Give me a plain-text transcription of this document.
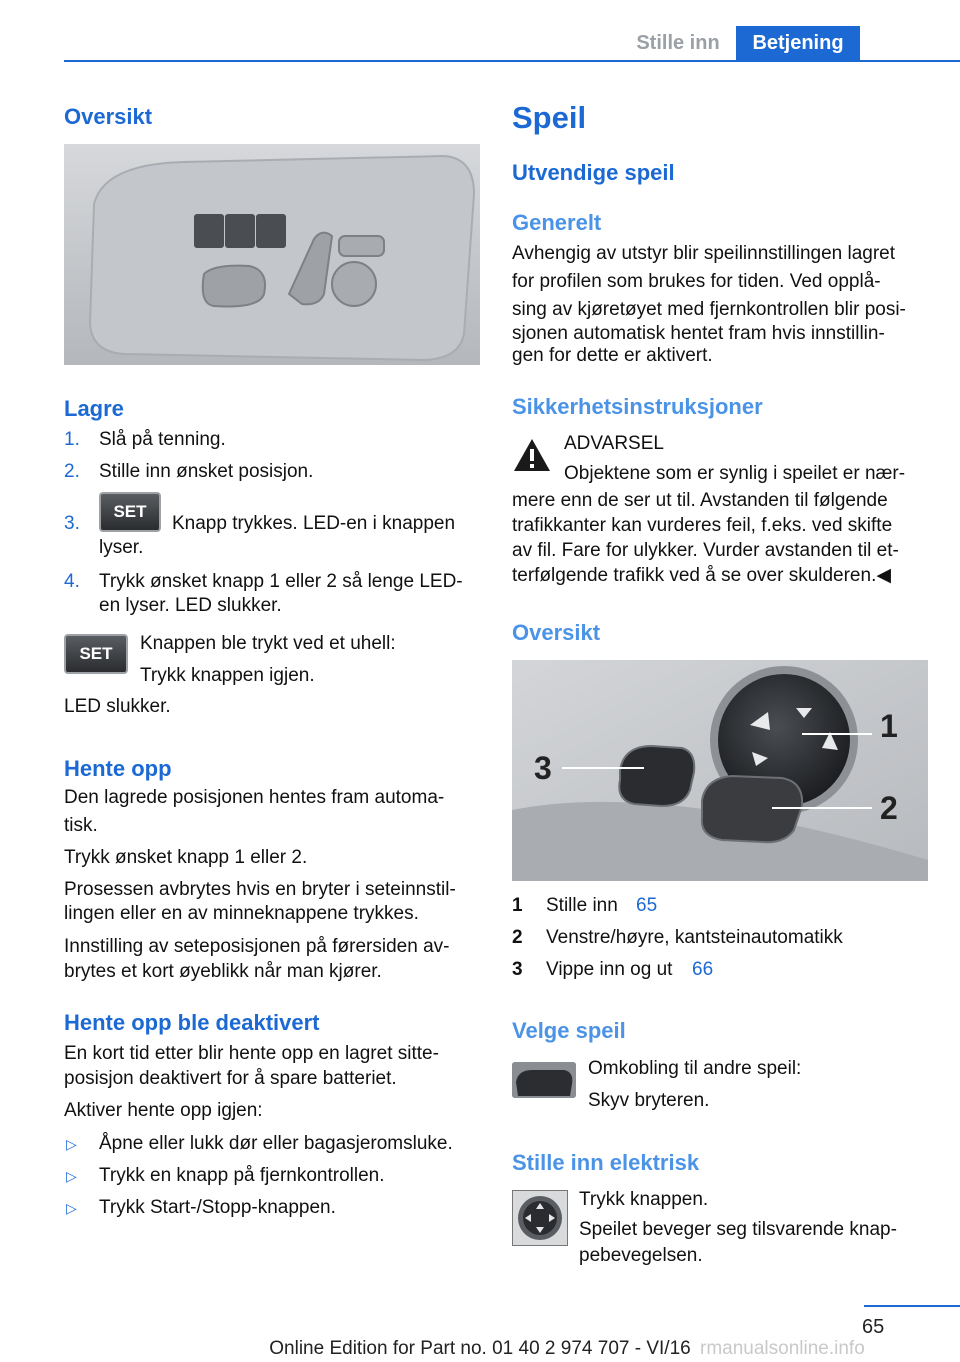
Stille inn	Betjening
Oversikt
Lagre
1. Slå på tenning.
2. Stille inn ønsket posisjon.
3.
SET
Knapp trykkes. LED-en i knappen
lyser.
4. Trykk ønsket knapp 1 eller 2 så lenge LED-
en lyser. LED slukker.
SET	Knappen ble trykt ved et uhell:
Trykk knappen igjen.
LED slukker.
Hente opp
Den lagrede posisjonen hentes fram automa-
tisk.
Trykk ønsket knapp 1 eller 2.
Prosessen avbrytes hvis en bryter i seteinnstil-
lingen eller en av minneknappene trykkes.
Innstilling av seteposisjonen på førersiden av-
brytes et kort øyeblikk når man kjører.
Hente opp ble deaktivert
En kort tid etter blir hente opp en lagret sitte-
posisjon deaktivert for å spare batteriet.
Aktiver hente opp igjen:
▷ Åpne eller lukk dør eller bagasjeromsluke.
▷ Trykk en knapp på fjernkontrollen.
▷ Trykk Start-/Stopp-knappen.
Speil
Utvendige speil
Generelt
Avhengig av utstyr blir speilinnstillingen lagret
for profilen som brukes for tiden. Ved opplå-
sing av kjøretøyet med fjernkontrollen blir posi-
sjonen automatisk hentet fram hvis innstillin-
gen for dette er aktivert.
Sikkerhetsinstruksjoner
ADVARSEL
Objektene som er synlig i speilet er nær-
mere enn de ser ut til. Avstanden til følgende
trafikkanter kan vurderes feil, f.eks. ved skifte
av fil. Fare for ulykker. Vurder avstanden til et-
terfølgende trafikk ved å se over skulderen.◀
Oversikt
1
2
3
1 Stille inn 65
2 Venstre/høyre, kantsteinautomatikk
3 Vippe inn og ut 66
Velge speil
Omkobling til andre speil:
Skyv bryteren.
Stille inn elektrisk
Trykk knappen.
Speilet beveger seg tilsvarende knap-
pebevegelsen.
65
Online Edition for Part no. 01 40 2 974 707 - VI/16 rmanualsonline.info
